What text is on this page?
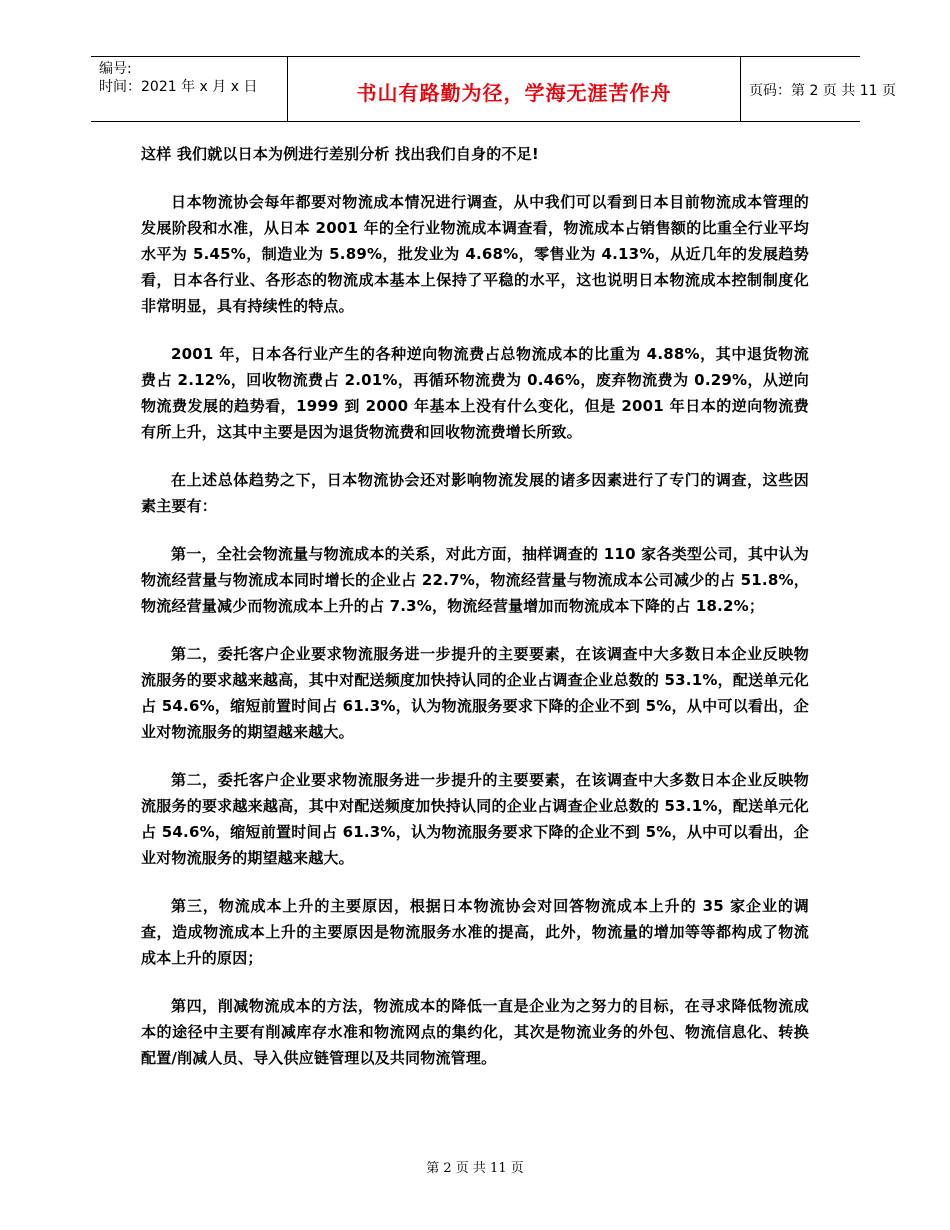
编号:
时间：2021 年 x 月 x 日	书山有路勤为径，学海无涯苦作舟	页码：第 2 页 共 11 页

这样 我们就以日本为例进行差别分析 找出我们自身的不足!

日本物流协会每年都要对物流成本情况进行调查，从中我们可以看到日本目前物流成本管理的发展阶段和水准，从日本 2001 年的全行业物流成本调查看，物流成本占销售额的比重全行业平均水平为 5.45%，制造业为 5.89%，批发业为 4.68%，零售业为 4.13%，从近几年的发展趋势看，日本各行业、各形态的物流成本基本上保持了平稳的水平，这也说明日本物流成本控制制度化非常明显，具有持续性的特点。

2001 年，日本各行业产生的各种逆向物流费占总物流成本的比重为 4.88%，其中退货物流费占 2.12%，回收物流费占 2.01%，再循环物流费为 0.46%，废弃物流费为 0.29%，从逆向物流费发展的趋势看，1999 到 2000 年基本上没有什么变化，但是 2001 年日本的逆向物流费有所上升，这其中主要是因为退货物流费和回收物流费增长所致。

在上述总体趋势之下，日本物流协会还对影响物流发展的诸多因素进行了专门的调查，这些因素主要有：

第一，全社会物流量与物流成本的关系，对此方面，抽样调查的 110 家各类型公司，其中认为物流经营量与物流成本同时增长的企业占 22.7%，物流经营量与物流成本公司减少的占 51.8%，物流经营量减少而物流成本上升的占 7.3%，物流经营量增加而物流成本下降的占 18.2%；

第二，委托客户企业要求物流服务进一步提升的主要要素，在该调查中大多数日本企业反映物流服务的要求越来越高，其中对配送频度加快持认同的企业占调查企业总数的 53.1%，配送单元化占 54.6%，缩短前置时间占 61.3%，认为物流服务要求下降的企业不到 5%，从中可以看出，企业对物流服务的期望越来越大。

第二，委托客户企业要求物流服务进一步提升的主要要素，在该调查中大多数日本企业反映物流服务的要求越来越高，其中对配送频度加快持认同的企业占调查企业总数的 53.1%，配送单元化占 54.6%，缩短前置时间占 61.3%，认为物流服务要求下降的企业不到 5%，从中可以看出，企业对物流服务的期望越来越大。

第三，物流成本上升的主要原因，根据日本物流协会对回答物流成本上升的 35 家企业的调查，造成物流成本上升的主要原因是物流服务水准的提高，此外，物流量的增加等等都构成了物流成本上升的原因；

第四，削减物流成本的方法，物流成本的降低一直是企业为之努力的目标，在寻求降低物流成本的途径中主要有削减库存水准和物流网点的集约化，其次是物流业务的外包、物流信息化、转换配置/削减人员、导入供应链管理以及共同物流管理。

第 2 页 共 11 页
